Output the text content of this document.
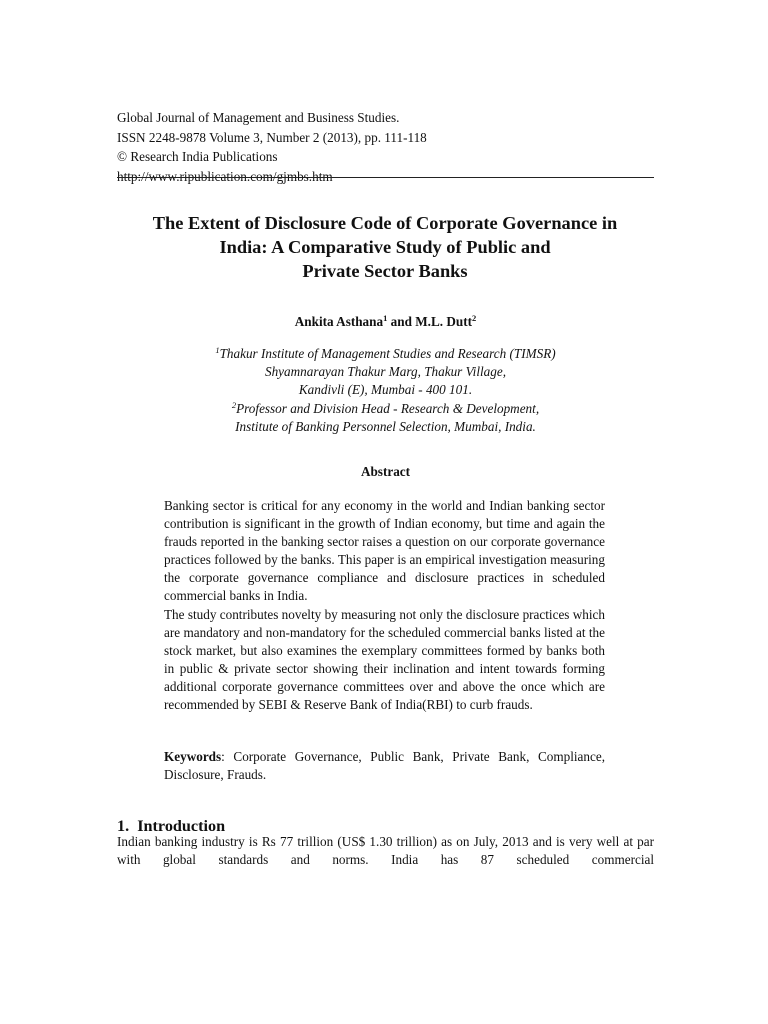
Global Journal of Management and Business Studies.
ISSN 2248-9878 Volume 3, Number 2 (2013), pp. 111-118
© Research India Publications
http://www.ripublication.com/gjmbs.htm
The Extent of Disclosure Code of Corporate Governance in
India: A Comparative Study of Public and
Private Sector Banks
Ankita Asthana$^1$ and M.L. Dutt$^2$
$^1$Thakur Institute of Management Studies and Research (TIMSR)
Shyamnarayan Thakur Marg, Thakur Village,
Kandivli (E), Mumbai - 400 101.
$^2$Professor and Division Head - Research & Development,
Institute of Banking Personnel Selection, Mumbai, India.
Abstract

Banking sector is critical for any economy in the world and Indian banking sector contribution is significant in the growth of Indian economy, but time and again the frauds reported in the banking sector raises a question on our corporate governance practices followed by the banks. This paper is an empirical investigation measuring the corporate governance compliance and disclosure practices in scheduled commercial banks in India.

The study contributes novelty by measuring not only the disclosure practices which are mandatory and non-mandatory for the scheduled commercial banks listed at the stock market, but also examines the exemplary committees formed by banks both in public & private sector showing their inclination and intent towards forming additional corporate governance committees over and above the once which are recommended by SEBI & Reserve Bank of India(RBI) to curb frauds.

Keywords: Corporate Governance, Public Bank, Private Bank, Compliance, Disclosure, Frauds.
1.  Introduction
Indian banking industry is Rs 77 trillion (US$ 1.30 trillion) as on July, 2013 and is very well at par with global standards and norms. India has 87 scheduled commercial
